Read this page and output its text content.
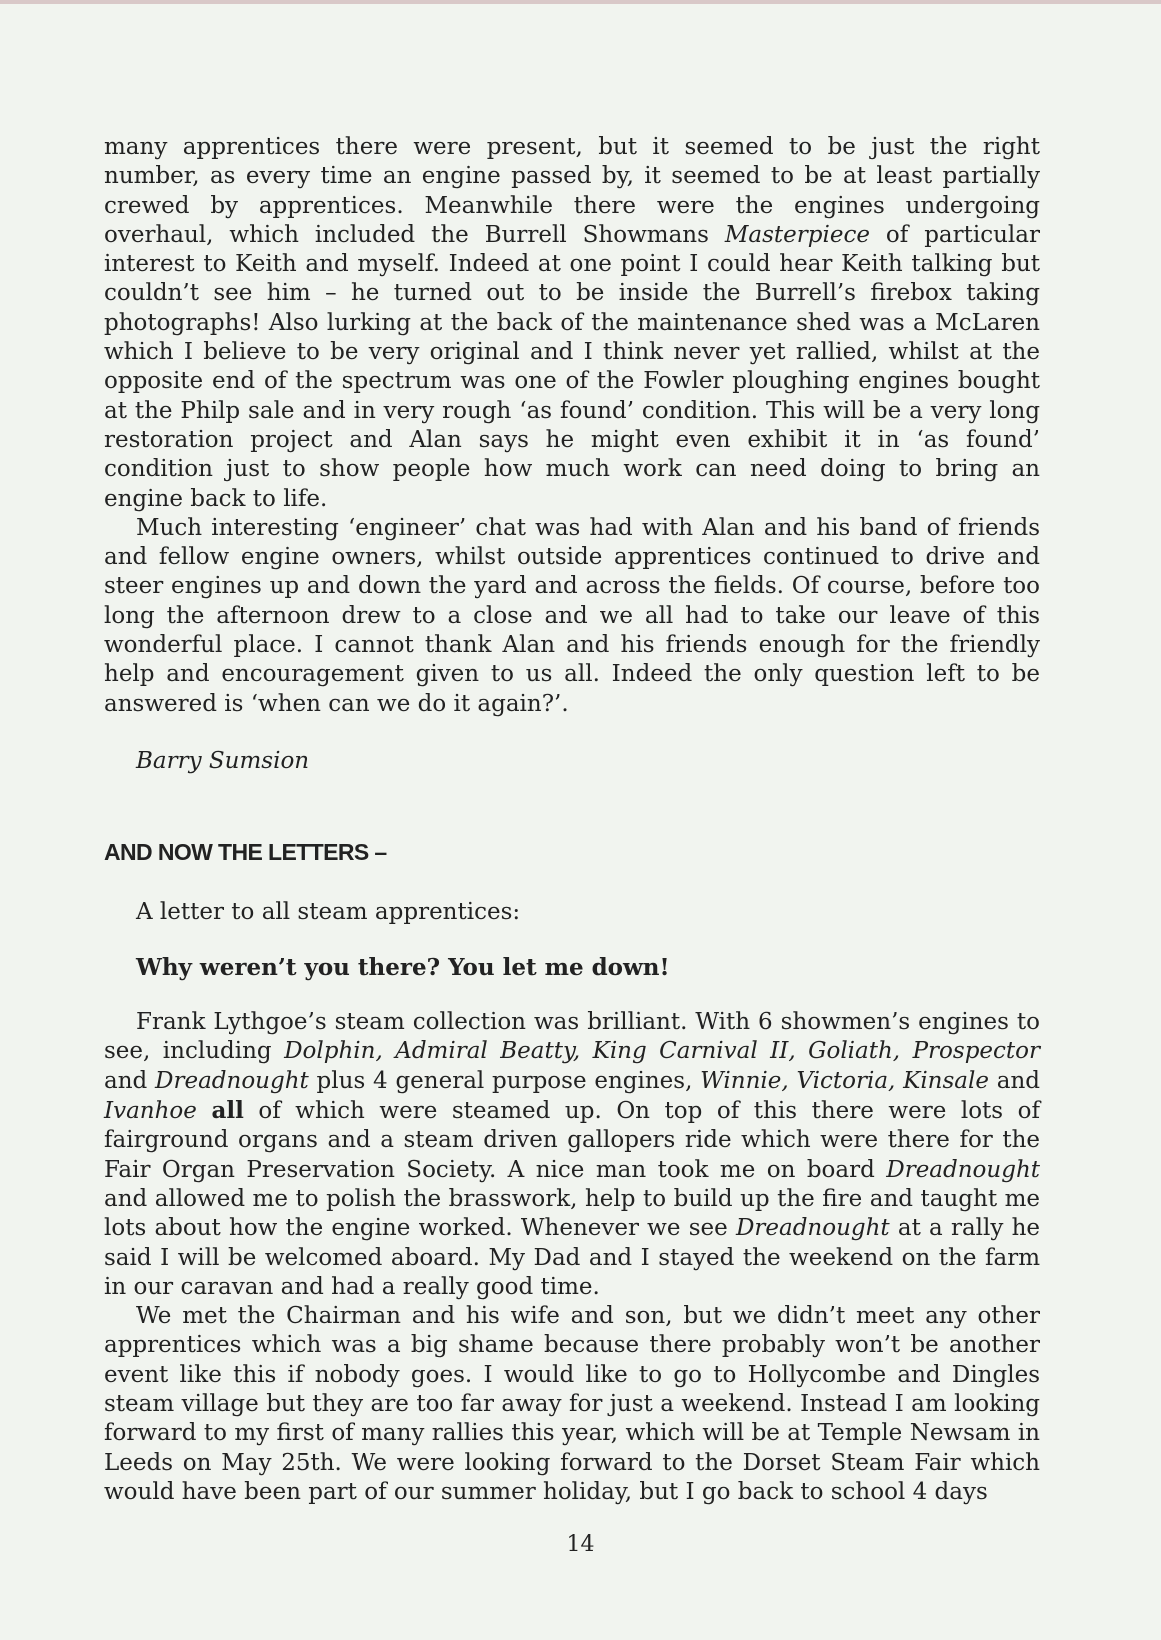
many apprentices there were present, but it seemed to be just the right number, as every time an engine passed by, it seemed to be at least partially crewed by apprentices. Meanwhile there were the engines undergoing overhaul, which included the Burrell Showmans Masterpiece of particular interest to Keith and myself. Indeed at one point I could hear Keith talking but couldn’t see him – he turned out to be inside the Burrell’s firebox taking photographs! Also lurking at the back of the maintenance shed was a McLaren which I believe to be very original and I think never yet rallied, whilst at the opposite end of the spectrum was one of the Fowler ploughing engines bought at the Philp sale and in very rough ‘as found’ condition. This will be a very long restoration project and Alan says he might even exhibit it in ‘as found’ condition just to show people how much work can need doing to bring an engine back to life.

Much interesting ‘engineer’ chat was had with Alan and his band of friends and fellow engine owners, whilst outside apprentices continued to drive and steer engines up and down the yard and across the fields. Of course, before too long the afternoon drew to a close and we all had to take our leave of this wonderful place. I cannot thank Alan and his friends enough for the friendly help and encouragement given to us all. Indeed the only question left to be answered is ‘when can we do it again?’.

Barry Sumsion

AND NOW THE LETTERS –

A letter to all steam apprentices:

Why weren’t you there? You let me down!

Frank Lythgoe’s steam collection was brilliant. With 6 showmen’s engines to see, including Dolphin, Admiral Beatty, King Carnival II, Goliath, Prospector and Dreadnought plus 4 general purpose engines, Winnie, Victoria, Kinsale and Ivanhoe all of which were steamed up. On top of this there were lots of fairground organs and a steam driven gallopers ride which were there for the Fair Organ Preservation Society. A nice man took me on board Dreadnought and allowed me to polish the brasswork, help to build up the fire and taught me lots about how the engine worked. Whenever we see Dreadnought at a rally he said I will be welcomed aboard. My Dad and I stayed the weekend on the farm in our caravan and had a really good time.

We met the Chairman and his wife and son, but we didn’t meet any other apprentices which was a big shame because there probably won’t be another event like this if nobody goes. I would like to go to Hollycombe and Dingles steam village but they are too far away for just a weekend. Instead I am looking forward to my first of many rallies this year, which will be at Temple Newsam in Leeds on May 25th. We were looking forward to the Dorset Steam Fair which would have been part of our summer holiday, but I go back to school 4 days

14
